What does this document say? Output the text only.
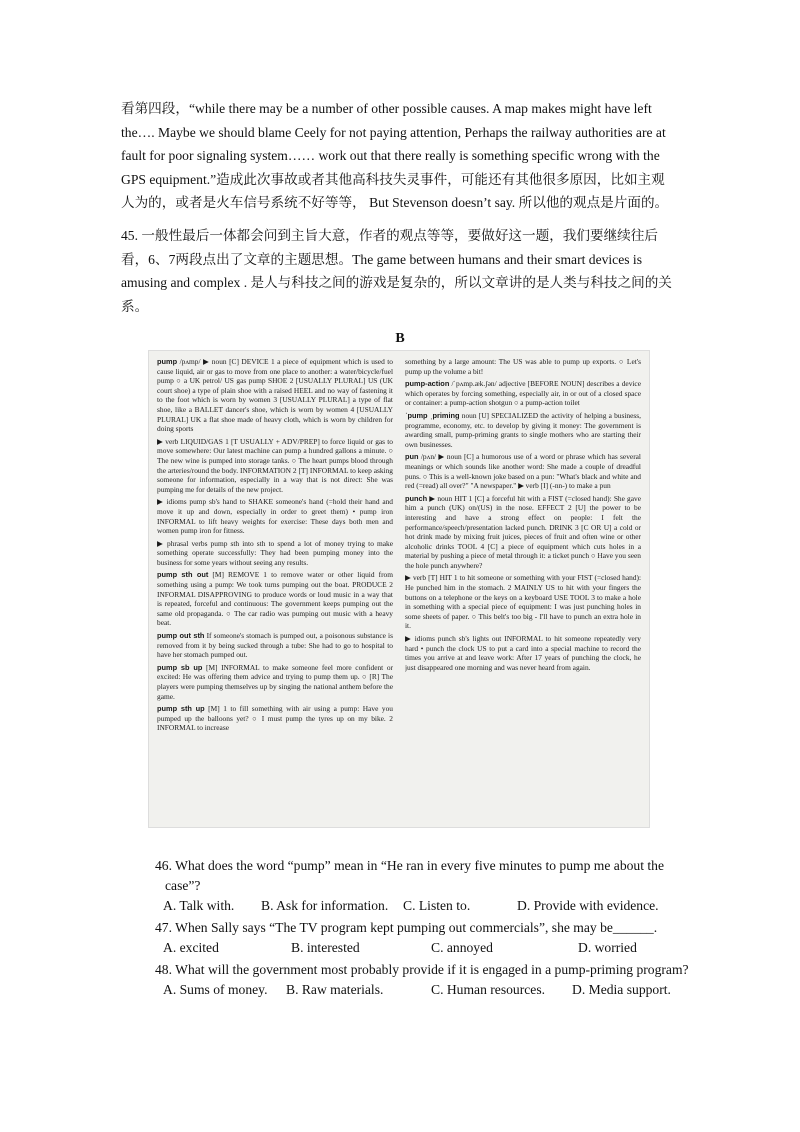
看第四段，“while there may be a number of other possible causes. A map makes might have left the…. Maybe we should blame Ceely for not paying attention, Perhaps the railway authorities are at fault for poor signaling system…… work out that there really is something specific wrong with the GPS equipment.”造成此次事故或者其他高科技失灵事件，可能还有其他很多原因，比如主观人为的，或者是火车信号系统不好等等， But Stevenson doesn’t say. 所以他的观点是片面的。

45. 一般性最后一体都会问到主旨大意，作者的观点等等，要做好这一题，我们要继续往后看，6、7两段点出了文章的主题思想。The game between humans and their smart devices is amusing and complex . 是人与科技之间的游戏是复杂的，所以文章讲的是人类与科技之间的关系。

B

pump /pʌmp/ ▶ noun [C] DEVICE 1 a piece of equipment which is used to cause liquid, air or gas to move from one place to another: a water/bicycle/fuel pump ○ a UK petrol/ US gas pump SHOE 2 [USUALLY PLURAL] US (UK court shoe) a type of plain shoe with a raised HEEL and no way of fastening it to the foot which is worn by women 3 [USUALLY PLURAL] a type of flat shoe, like a BALLET dancer's shoe, which is worn by women 4 [USUALLY PLURAL] UK a flat shoe made of heavy cloth, which is worn by children for doing sports

▶ verb LIQUID/GAS 1 [T USUALLY + ADV/PREP] to force liquid or gas to move somewhere: Our latest machine can pump a hundred gallons a minute. ○ The new wine is pumped into storage tanks. ○ The heart pumps blood through the arteries/round the body. INFORMATION 2 [T] INFORMAL to keep asking someone for information, especially in a way that is not direct: She was pumping me for details of the new project.

▶ idioms pump sb's hand to SHAKE someone's hand (=hold their hand and move it up and down, especially in order to greet them) • pump iron INFORMAL to lift heavy weights for exercise: These days both men and women pump iron for fitness.

▶ phrasal verbs pump sth into sth to spend a lot of money trying to make something operate successfully: They had been pumping money into the business for some years without seeing any results.

pump sth out [M] REMOVE 1 to remove water or other liquid from something using a pump: We took turns pumping out the boat. PRODUCE 2 INFORMAL DISAPPROVING to produce words or loud music in a way that is repeated, forceful and continuous: The government keeps pumping out the same old propaganda. ○ The car radio was pumping out music with a heavy beat.

pump out sth If someone's stomach is pumped out, a poisonous substance is removed from it by being sucked through a tube: She had to go to hospital to have her stomach pumped out.

pump sb up [M] INFORMAL to make someone feel more confident or excited: He was offering them advice and trying to pump them up. ○ [R] The players were pumping themselves up by singing the national anthem before the game.

pump sth up [M] 1 to fill something with air using a pump: Have you pumped up the balloons yet? ○ I must pump the tyres up on my bike. 2 INFORMAL to increase

something by a large amount: The US was able to pump up exports. ○ Let's pump up the volume a bit!

pump-action /ˈpʌmp.æk.ʃən/ adjective [BEFORE NOUN] describes a device which operates by forcing something, especially air, in or out of a closed space or container: a pump-action shotgun ○ a pump-action toilet

ˈpump ˌpriming noun [U] SPECIALIZED the activity of helping a business, programme, economy, etc. to develop by giving it money: The government is awarding small, pump-priming grants to single mothers who are starting their own businesses.

pun /pʌn/ ▶ noun [C] a humorous use of a word or phrase which has several meanings or which sounds like another word: She made a couple of dreadful puns. ○ This is a well-known joke based on a pun: "What's black and white and red (=read) all over?" "A newspaper." ▶ verb [I] (-nn-) to make a pun

punch ▶ noun HIT 1 [C] a forceful hit with a FIST (=closed hand): She gave him a punch (UK) on/(US) in the nose. EFFECT 2 [U] the power to be interesting and have a strong effect on people: I felt the performance/speech/presentation lacked punch. DRINK 3 [C OR U] a cold or hot drink made by mixing fruit juices, pieces of fruit and often wine or other alcoholic drinks TOOL 4 [C] a piece of equipment which cuts holes in a material by pushing a piece of metal through it: a ticket punch ○ Have you seen the hole punch anywhere?

▶ verb [T] HIT 1 to hit someone or something with your FIST (=closed hand): He punched him in the stomach. 2 MAINLY US to hit with your fingers the buttons on a telephone or the keys on a keyboard USE TOOL 3 to make a hole in something with a special piece of equipment: I was just punching holes in some sheets of paper. ○ This belt's too big - I'll have to punch an extra hole in it.

▶ idioms punch sb's lights out INFORMAL to hit someone repeatedly very hard • punch the clock US to put a card into a special machine to record the times you arrive at and leave work: After 17 years of punching the clock, he just disappeared one morning and was never heard from again.

46. What does the word “pump” mean in “He ran in every five minutes to pump me about the case”?
A. Talk with. B. Ask for information. C. Listen to.	D. Provide with evidence.
47. When Sally says “The TV program kept pumping out commercials”, she may be______.
A. excited	B. interested	C. annoyed	D. worried
48. What will the government most probably provide if it is engaged in a pump-priming program?
A. Sums of money. B. Raw materials.	C. Human resources. D. Media support.
